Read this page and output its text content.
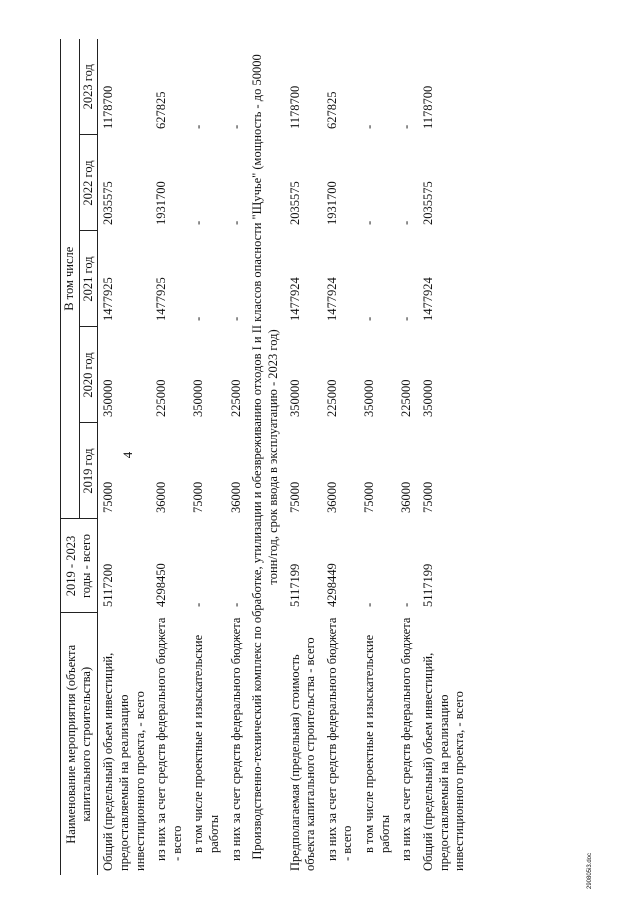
4
290805i3.doc
Наименование мероприятия (объекта капитального строительства)	2019 - 2023 годы - всего	В том числе				
		2019 год	2020 год	2021 год	2022 год	2023 год
Общий (предельный) объем инвестиций, предоставляемый на реализацию инвестиционного проекта, - всего	5117200	75000	350000	1477925	2035575	1178700
из них за счет средств федерального бюджета - всего	4298450	36000	225000	1477925	1931700	627825
в том числе проектные и изыскательские работы	-	75000	350000	-	-	-
из них за счет средств федерального бюджета	-	36000	225000	-	-	-
Производственно-технический комплекс по обработке, утилизации и обезвреживанию отходов I и II классов опасности "Щучье" (мощность - до 50000 тонн/год, срок ввода в эксплуатацию - 2023 год)						
Предполагаемая (предельная) стоимость объекта капитального строительства - всего	5117199	75000	350000	1477924	2035575	1178700
из них за счет средств федерального бюджета - всего	4298449	36000	225000	1477924	1931700	627825
в том числе проектные и изыскательские работы	-	75000	350000	-	-	-
из них за счет средств федерального бюджета	-	36000	225000	-	-	-
Общий (предельный) объем инвестиций, предоставляемый на реализацию инвестиционного проекта, - всего	5117199	75000	350000	1477924	2035575	1178700
